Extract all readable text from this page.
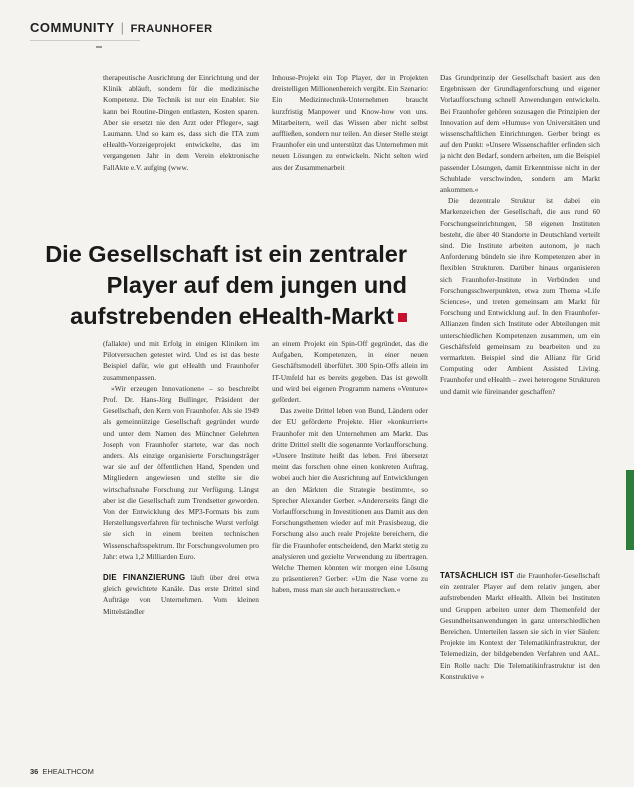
COMMUNITY | FRAUNHOFER

therapeutische Ausrichtung der Einrichtung und der Klinik abläuft, sondern für die medizinische Kompetenz. Die Technik ist nur ein Enabler. Sie kann bei Routine-Dingen entlasten, Kosten sparen. Aber sie ersetzt nie den Arzt oder Pfleger«, sagt Laumann. Und so kam es, dass sich die ITA zum eHealth-Vorzeigeprojekt entwickelte, das im vergangenen Jahr in dem Verein elektronische FallAkte e.V. aufging (www.

Inhouse-Projekt ein Top Player, der in Projekten dreistelligen Millionenbereich vergibt. Ein Szenario: Ein Medizintechnik-Unternehmen braucht kurzfristig Manpower und Know-how von uns. Mitarbeitern, weil das Wissen aber nicht selbst auffließen, sondern nur teilen. An dieser Stelle steigt Fraunhofer ein und unterstützt das Unternehmen mit neuen Lösungen zu entwickeln. Nicht selten wird aus der Zusammenarbeit

Das Grundprinzip der Gesellschaft basiert aus den Ergebnissen der Grundlagenforschung und eigener Vorlaufforschung schnell Anwendungen entwickeln. Bei Fraunhofer gehören sozusagen die Prinzipien der Innovation auf dem »Humus« von Universitäten und wissenschaftlichen Einrichtungen. Gerber bringt es auf den Punkt: »Unsere Wissenschaftler erfinden sich ja nicht den Bedarf, sondern arbeiten, um die Beispiel passender Lösungen, damit Erkenntnisse nicht in der Schublade verschwinden, sondern am Markt ankommen.«

Die dezentrale Struktur ist dabei ein Markenzeichen der Gesellschaft, die aus rund 60 Forschungseinrichtungen, 58 eigenen Instituten besteht, die über 40 Standorte in Deutschland verteilt sind. Die Institute arbeiten autonom, je nach Anforderung bündeln sie ihre Kompetenzen aber in flexiblen Strukturen. Darüber hinaus organisieren sich Fraunhofer-Institute in Verbünden und Forschungsschwerpunkten, etwa zum Thema »Life Sciences«, und treten gemeinsam am Markt für Forschung und Entwicklung auf. In den Fraunhofer-Allianzen finden sich Institute oder Abteilungen mit unterschiedlichen Kompetenzen zusammen, um ein Geschäftsfeld gemeinsam zu bearbeiten und zu vermarkten. Beispiel sind die Allianz für Grid Computing oder Ambient Assisted Living. Fraunhofer und eHealth – zwei heterogene Strukturen und damit wie füreinander geschaffen?

Die Gesellschaft ist ein zentraler
Player auf dem jungen und
aufstrebenden eHealth-Markt

(fallakte) und mit Erfolg in einigen Kliniken im Pilotversuchen getestet wird. Und es ist das beste Beispiel dafür, wie gut eHealth und Fraunhofer zusammenpassen.

»Wir erzeugen Innovationen« – so beschreibt Prof. Dr. Hans-Jörg Bullinger, Präsident der Gesellschaft, den Kern von Fraunhofer. Als sie 1949 als gemeinnützige Gesellschaft gegründet wurde und unter dem Namen des Münchner Gelehrten Joseph von Fraunhofer startete, war das noch anders. Als einzige organisierte Forschungsträger war sie auf der öffentlichen Hand, Spenden und Mitgliedern angewiesen und stellte sie die wirtschaftsnahe Forschung zur Verfügung. Längst aber ist die Gesellschaft zum Trendsetter geworden. Von der Entwicklung des MP3-Formats bis zum Herstellungsverfahren für technische Wurst verfolgt sie sich in einem breiten technischen Wissenschaftsspektrum. Ihr Forschungsvolumen pro Jahr: etwa 1,2 Milliarden Euro.

DIE FINANZIERUNG läuft über drei etwa gleich gewichtete Kanäle. Das erste Drittel sind Aufträge von Unternehmen. Vom kleinen Mittelständler

an einem Projekt ein Spin-Off gegründet, das die Aufgaben, Kompetenzen, in einer neuen Geschäftsmodell überführt. 300 Spin-Offs allein im IT-Umfeld hat es bereits gegeben. Das ist gewollt und wird bei eigenen Programm namens »Venture« gefördert.

Das zweite Drittel leben von Bund, Ländern oder der EU geförderte Projekte. Hier »konkurriert« Fraunhofer mit den Unternehmen am Markt. Das dritte Drittel stellt die sogenannte Vorlaufforschung. »Unsere Institute heißt das leben. Frei übersetzt meint das forschen ohne einen konkreten Auftrag, wobei auch hier die Ausrichtung auf Entwicklungen an den Märkten die Strategie bestimmt«, so Sprecher Alexander Gerber. »Andererseits fängt die Vorlaufforschung in Investitionen aus Damit aus den Forschungsthemen wieder auf mit Praxisbezug, die Forschung also auch reale Projekte bereichern, die für die Fraunhofer entscheidend, den Markt stetig zu analysieren und gezielte Verwendung zu übertragen. Welche Themen könnten wir morgen eine Lösung zu präsentieren? Gerber: »Um die Nase vorne zu haben, muss man sie auch herausstrecken.«

TATSÄCHLICH IST die Fraunhofer-Gesellschaft ein zentraler Player auf dem relativ jungen, aber aufstrebenden Markt eHealth. Allein bei Instituten und Gruppen arbeiten unter dem Themenfeld der Gesundheitsanwendungen in ganz unterschiedlichen Bereichen. Unterteilen lassen sie sich in vier Säulen: Projekte im Kontext der Telematikinfrastruktur, der Telemedizin, der bildgebenden Verfahren und AAL. Ein Rolle nach: Die Telematikinfrastruktur ist den Konstruktive »

36 EHEALTHCOM
